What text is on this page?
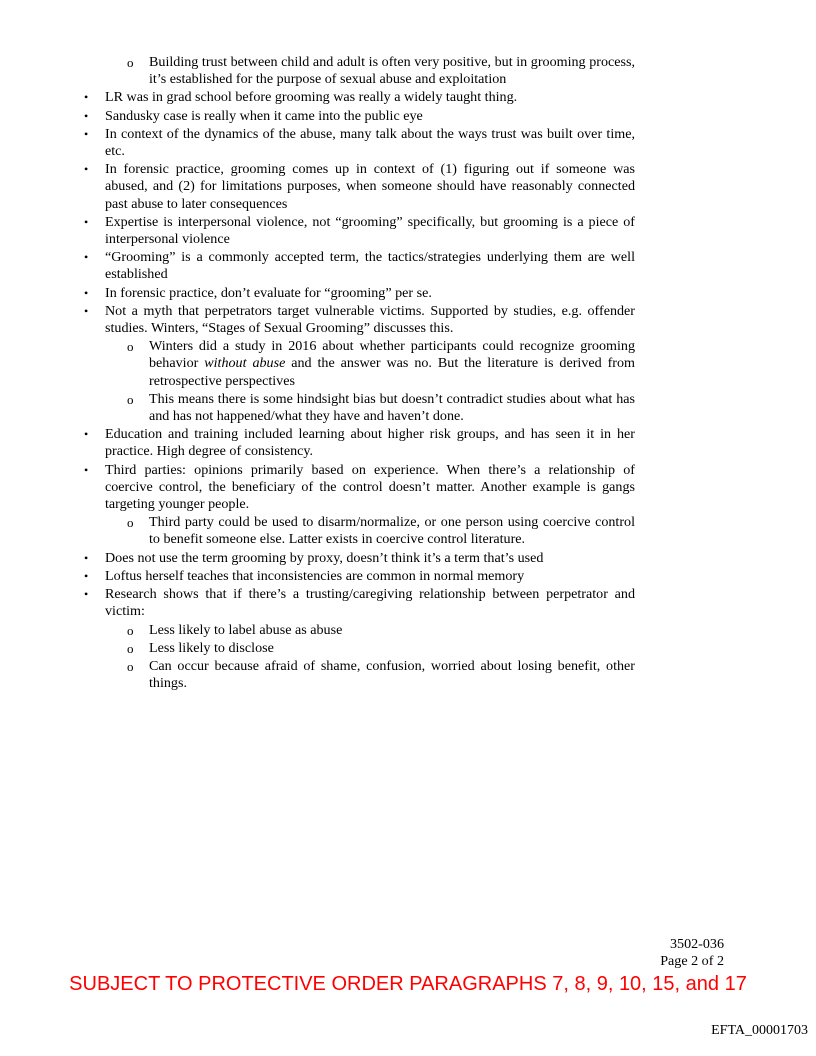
o Building trust between child and adult is often very positive, but in grooming process, it’s established for the purpose of sexual abuse and exploitation
• LR was in grad school before grooming was really a widely taught thing.
• Sandusky case is really when it came into the public eye
• In context of the dynamics of the abuse, many talk about the ways trust was built over time, etc.
• In forensic practice, grooming comes up in context of (1) figuring out if someone was abused, and (2) for limitations purposes, when someone should have reasonably connected past abuse to later consequences
• Expertise is interpersonal violence, not “grooming” specifically, but grooming is a piece of interpersonal violence
• “Grooming” is a commonly accepted term, the tactics/strategies underlying them are well established
• In forensic practice, don’t evaluate for “grooming” per se.
• Not a myth that perpetrators target vulnerable victims. Supported by studies, e.g. offender studies. Winters, “Stages of Sexual Grooming” discusses this.
o Winters did a study in 2016 about whether participants could recognize grooming behavior without abuse and the answer was no. But the literature is derived from retrospective perspectives
o This means there is some hindsight bias but doesn’t contradict studies about what has and has not happened/what they have and haven’t done.
• Education and training included learning about higher risk groups, and has seen it in her practice. High degree of consistency.
• Third parties: opinions primarily based on experience. When there’s a relationship of coercive control, the beneficiary of the control doesn’t matter. Another example is gangs targeting younger people.
o Third party could be used to disarm/normalize, or one person using coercive control to benefit someone else. Latter exists in coercive control literature.
• Does not use the term grooming by proxy, doesn’t think it’s a term that’s used
• Loftus herself teaches that inconsistencies are common in normal memory
• Research shows that if there’s a trusting/caregiving relationship between perpetrator and victim:
o Less likely to label abuse as abuse
o Less likely to disclose
o Can occur because afraid of shame, confusion, worried about losing benefit, other things.
3502-036
Page 2 of 2
SUBJECT TO PROTECTIVE ORDER PARAGRAPHS 7, 8, 9, 10, 15, and 17
EFTA_00001703
